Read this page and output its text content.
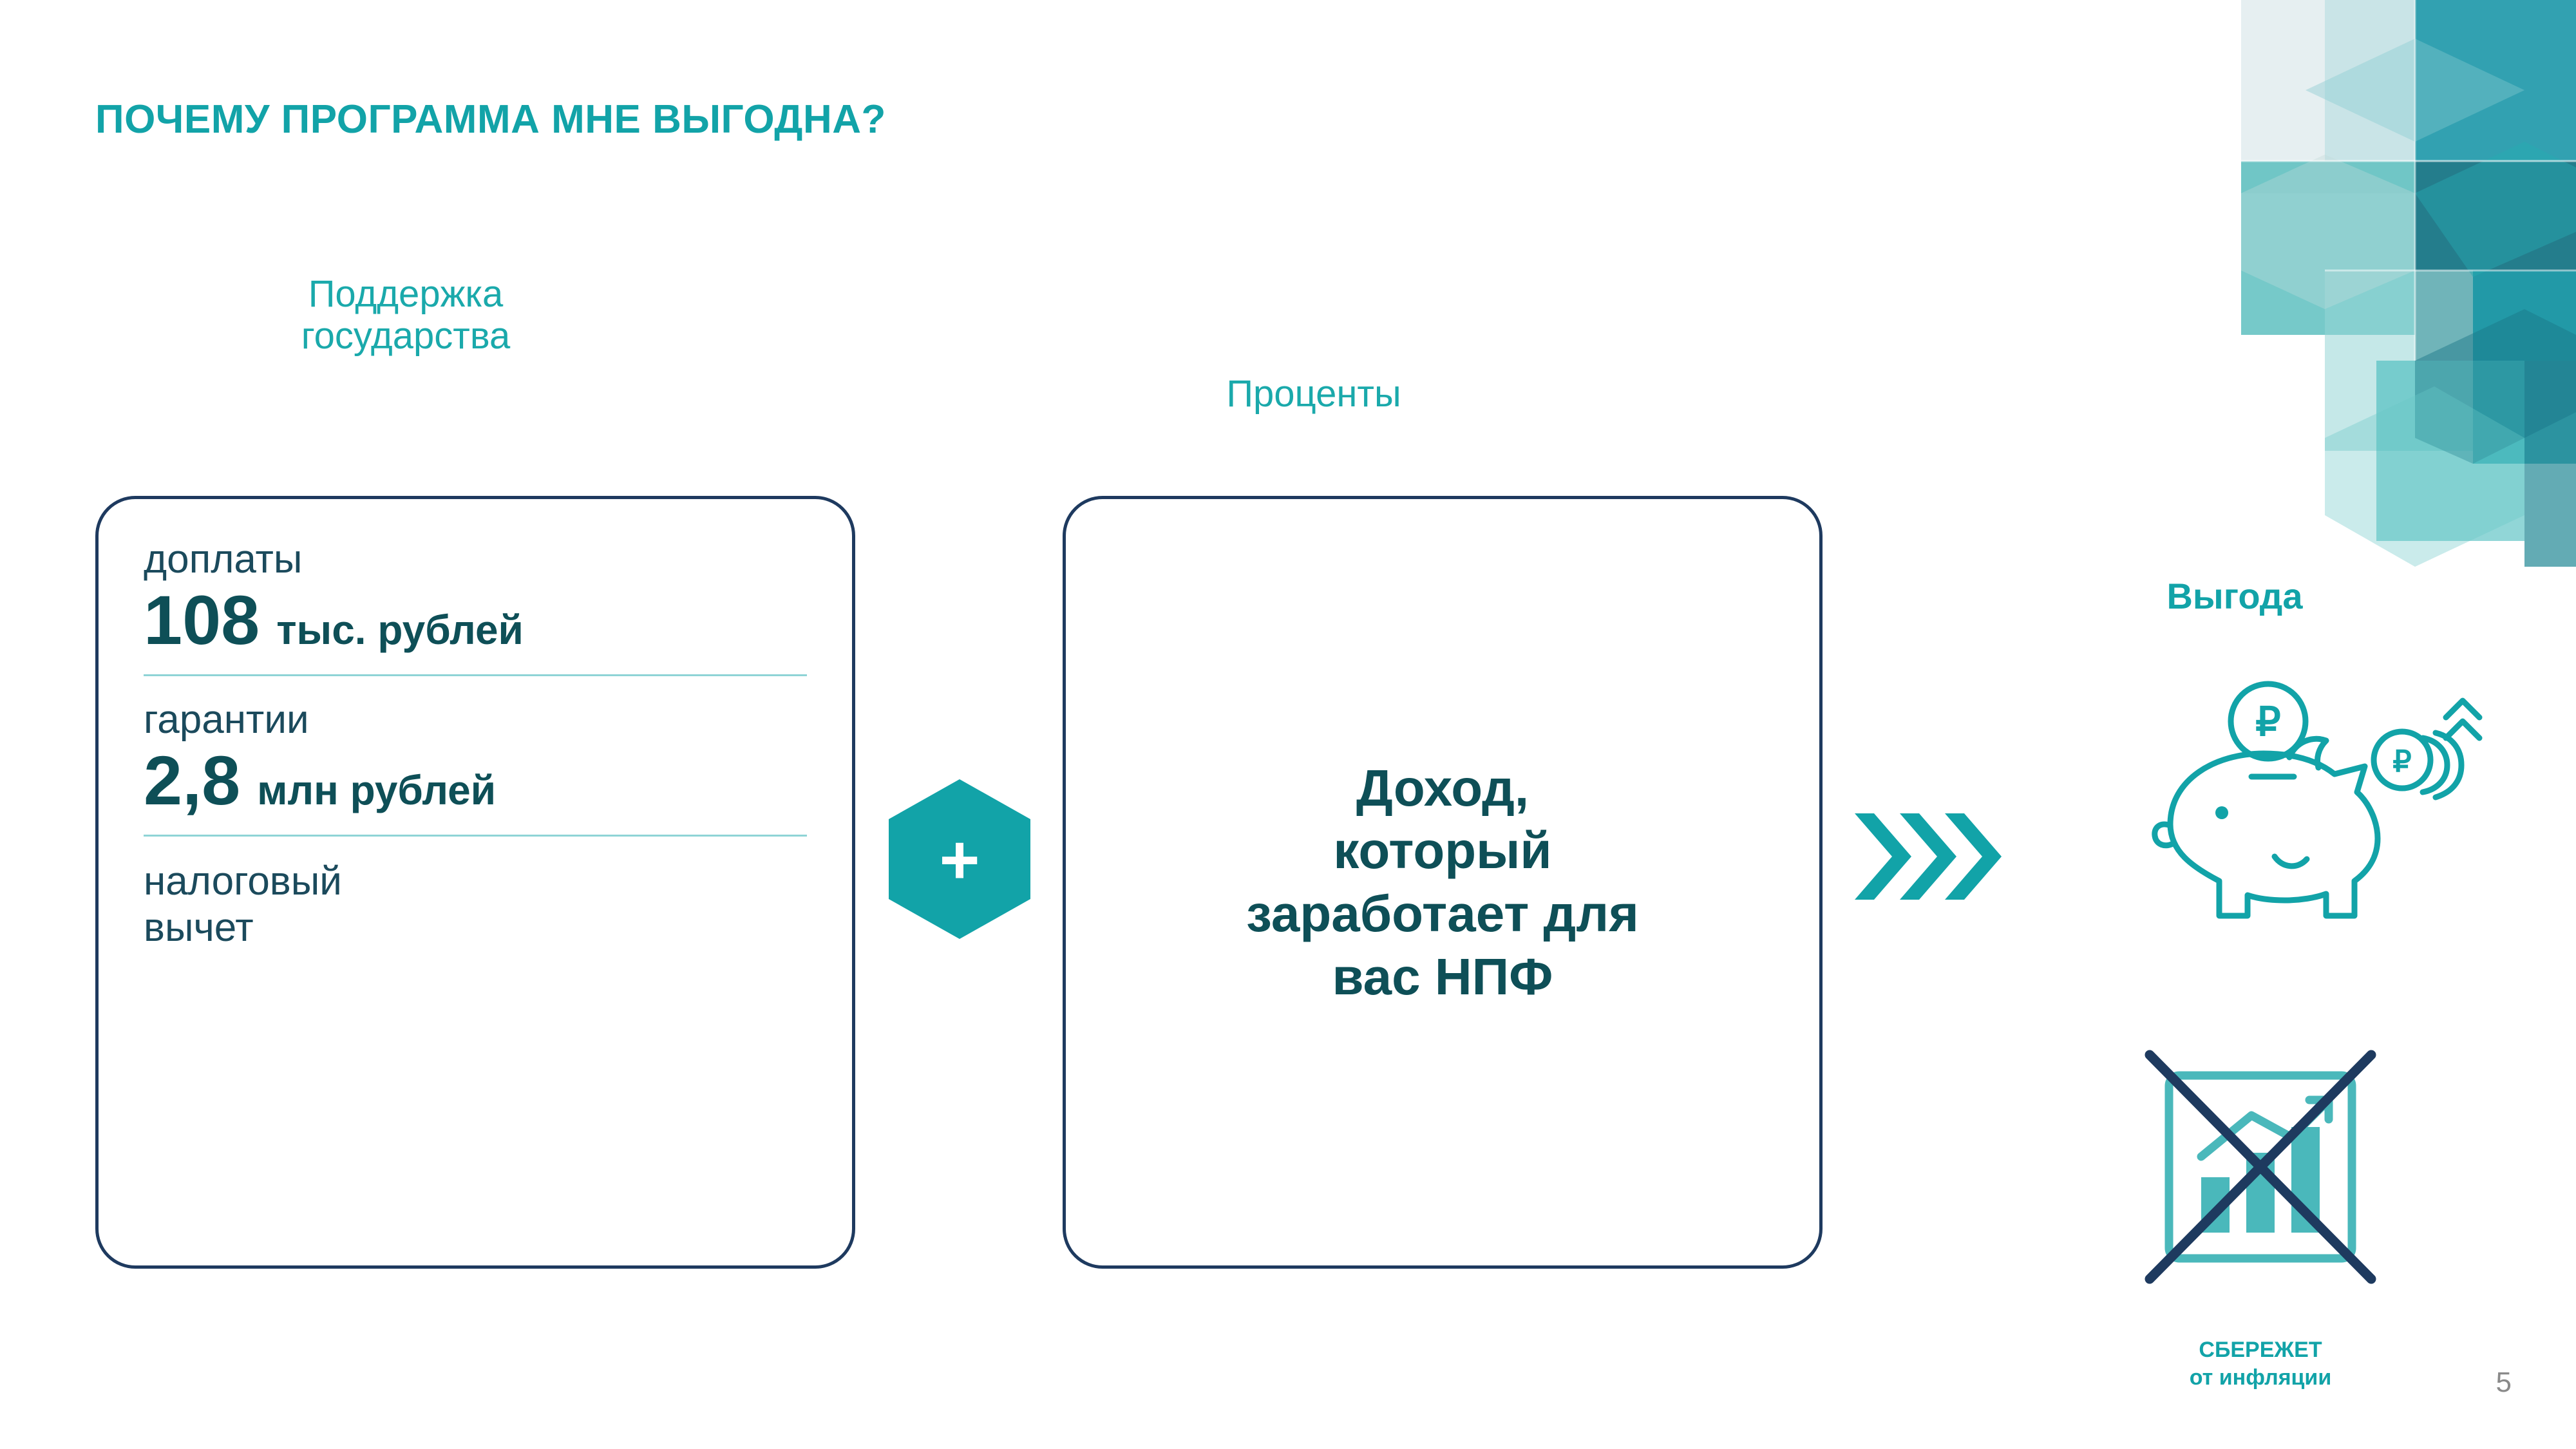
ПОЧЕМУ ПРОГРАММА МНЕ ВЫГОДНА?
Поддержка
государства
Проценты
доплаты
108 тыс. рублей
гарантии
2,8 млн рублей
налоговый
вычет
+
Доход,
который
заработает для
вас НПФ
Выгода
₽
₽
СБЕРЕЖЕТ
от инфляции	5
